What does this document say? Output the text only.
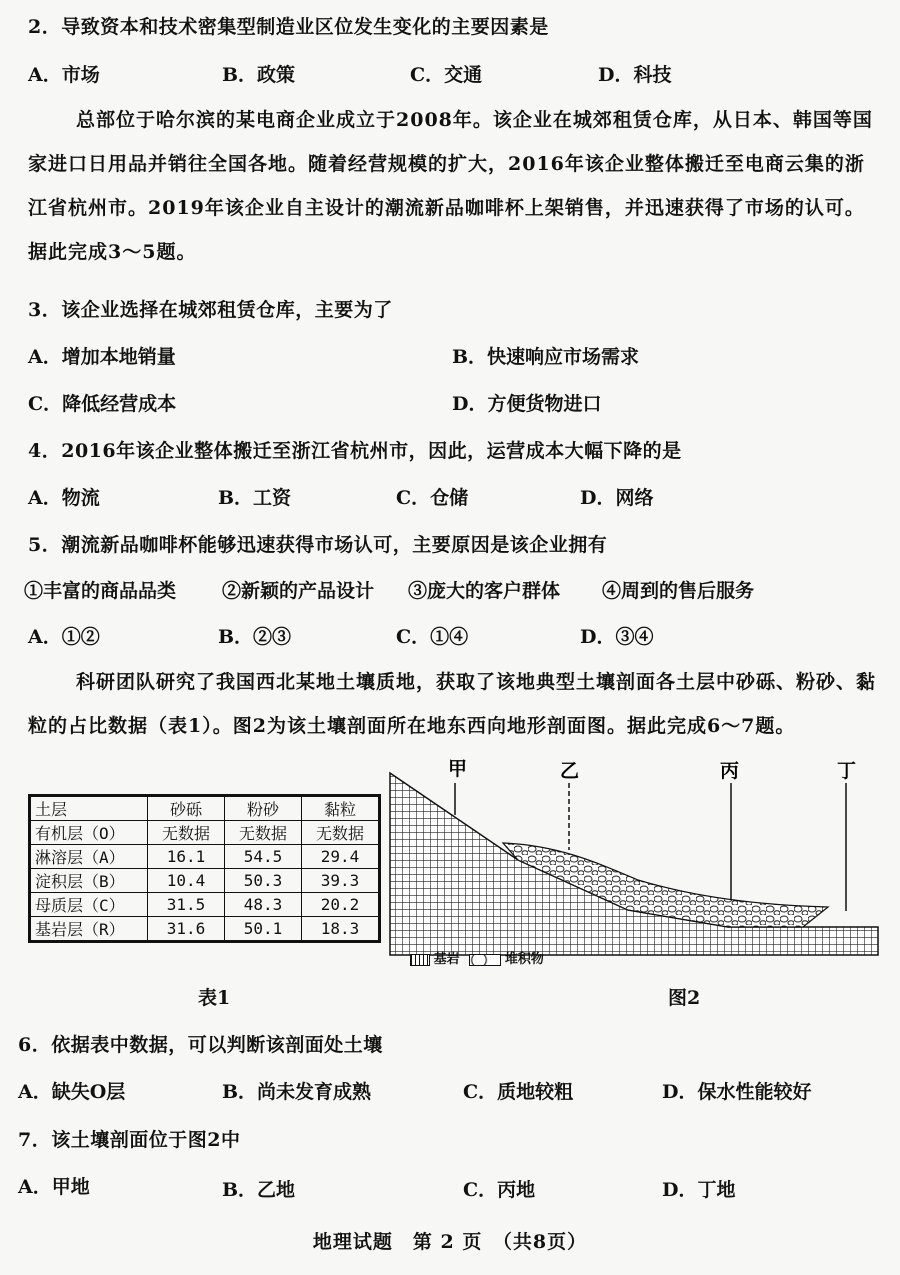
2．导致资本和技术密集型制造业区位发生变化的主要因素是
A．市场	B．政策	C．交通	D．科技
总部位于哈尔滨的某电商企业成立于2008年。该企业在城郊租赁仓库，从日本、韩国等国家进口日用品并销往全国各地。随着经营规模的扩大，2016年该企业整体搬迁至电商云集的浙江省杭州市。2019年该企业自主设计的潮流新品咖啡杯上架销售，并迅速获得了市场的认可。据此完成3～5题。
3．该企业选择在城郊租赁仓库，主要为了
A．增加本地销量	B．快速响应市场需求
C．降低经营成本	D．方便货物进口
4．2016年该企业整体搬迁至浙江省杭州市，因此，运营成本大幅下降的是
A．物流	B．工资	C．仓储	D．网络
5．潮流新品咖啡杯能够迅速获得市场认可，主要原因是该企业拥有
①丰富的商品品类 ②新颖的产品设计 ③庞大的客户群体 ④周到的售后服务
A．①②	B．②③	C．①④	D．③④
科研团队研究了我国西北某地土壤质地，获取了该地典型土壤剖面各土层中砂砾、粉砂、黏粒的占比数据（表1）。图2为该土壤剖面所在地东西向地形剖面图。据此完成6～7题。
土层	砂砾	粉砂	黏粒
有机层（O）	无数据	无数据	无数据
淋溶层（A）	16.1	54.5	29.4
淀积层（B）	10.4	50.3	39.3
母质层（C）	31.5	48.3	20.2
基岩层（R）	31.6	50.1	18.3
表1
甲	乙	丙	丁
基岩	堆积物
图2
6．依据表中数据，可以判断该剖面处土壤
A．缺失O层	B．尚未发育成熟	C．质地较粗	D．保水性能较好
7．该土壤剖面位于图2中
A．甲地	B．乙地	C．丙地	D．丁地
地理试题　第 2 页　（共8页）
